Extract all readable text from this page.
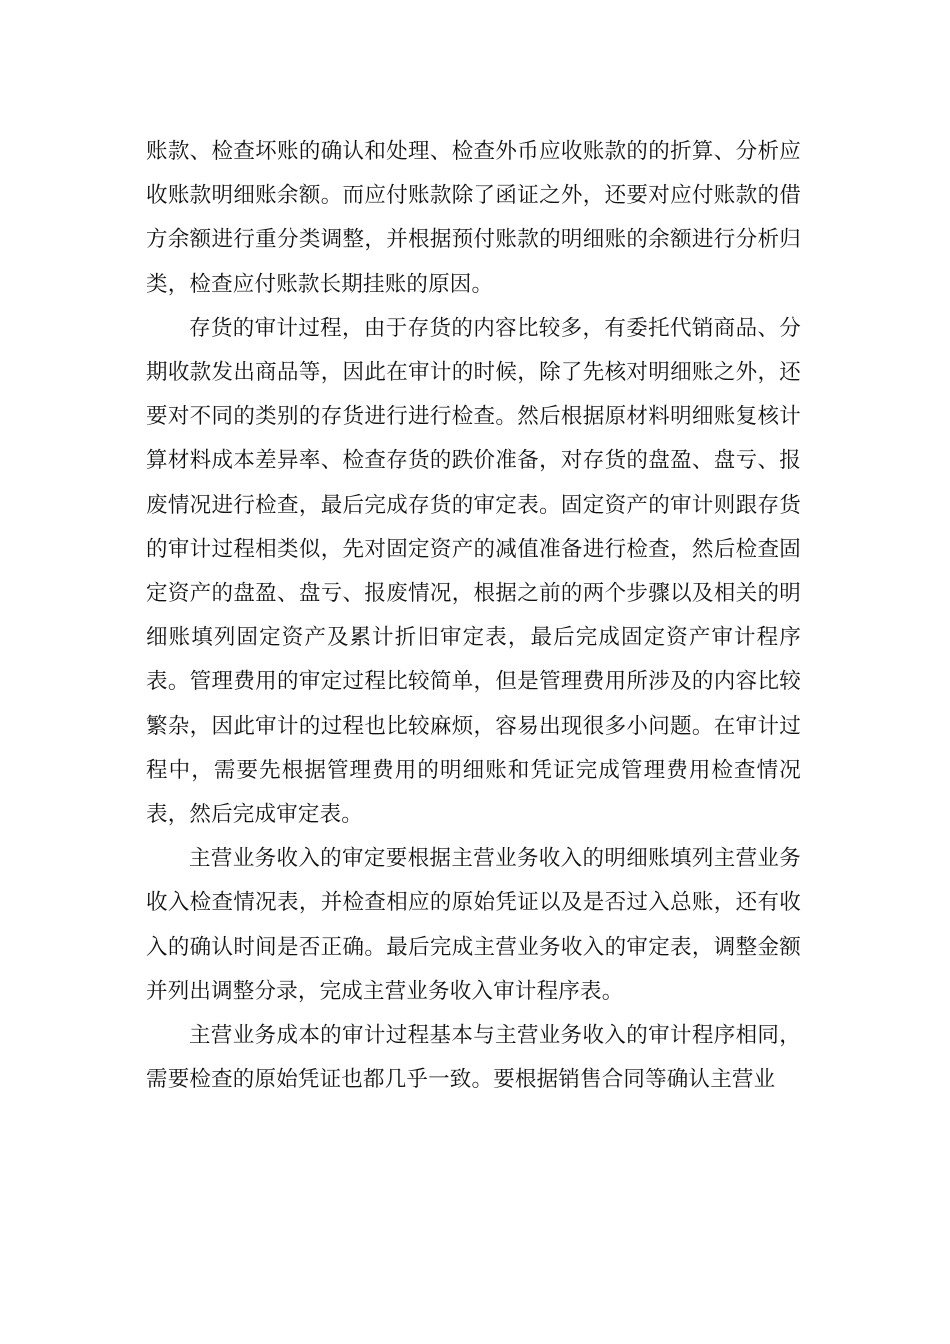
账款、检查坏账的确认和处理、检查外币应收账款的的折算、分析应收账款明细账余额。而应付账款除了函证之外，还要对应付账款的借方余额进行重分类调整，并根据预付账款的明细账的余额进行分析归类，检查应付账款长期挂账的原因。

存货的审计过程，由于存货的内容比较多，有委托代销商品、分期收款发出商品等，因此在审计的时候，除了先核对明细账之外，还要对不同的类别的存货进行进行检查。然后根据原材料明细账复核计算材料成本差异率、检查存货的跌价准备，对存货的盘盈、盘亏、报废情况进行检查，最后完成存货的审定表。固定资产的审计则跟存货的审计过程相类似，先对固定资产的减值准备进行检查，然后检查固定资产的盘盈、盘亏、报废情况，根据之前的两个步骤以及相关的明细账填列固定资产及累计折旧审定表，最后完成固定资产审计程序表。管理费用的审定过程比较简单，但是管理费用所涉及的内容比较繁杂，因此审计的过程也比较麻烦，容易出现很多小问题。在审计过程中，需要先根据管理费用的明细账和凭证完成管理费用检查情况表，然后完成审定表。

主营业务收入的审定要根据主营业务收入的明细账填列主营业务收入检查情况表，并检查相应的原始凭证以及是否过入总账，还有收入的确认时间是否正确。最后完成主营业务收入的审定表，调整金额并列出调整分录，完成主营业务收入审计程序表。

主营业务成本的审计过程基本与主营业务收入的审计程序相同，需要检查的原始凭证也都几乎一致。要根据销售合同等确认主营业
